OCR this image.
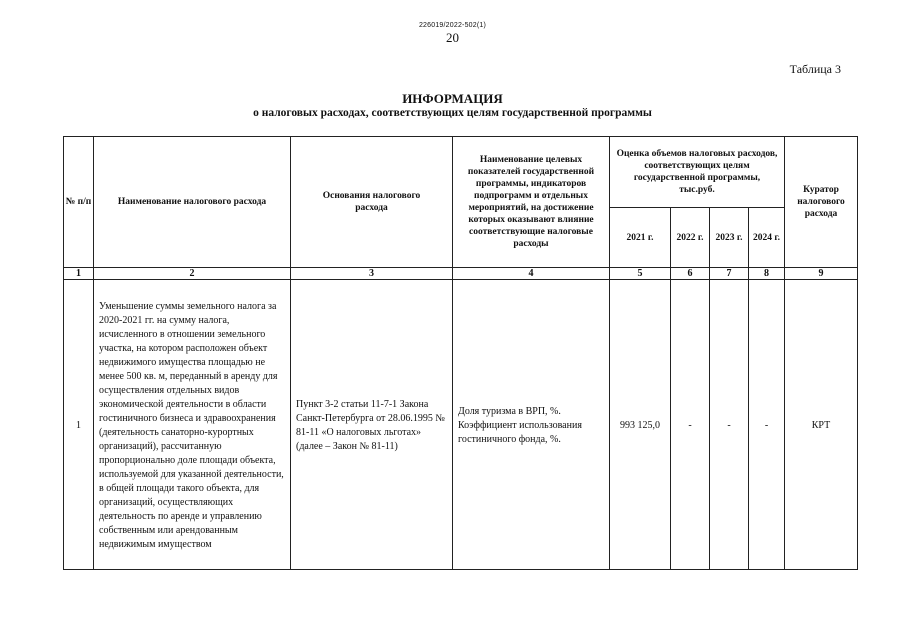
226019/2022-502(1)
20
Таблица 3
ИНФОРМАЦИЯ
о налоговых расходах, соответствующих целям государственной программы
№ п/п	Наименование налогового расхода	Основания налогового расхода	Наименование целевых показателей государственной программы, индикаторов подпрограмм и отдельных мероприятий, на достижение которых оказывают влияние соответствующие налоговые расходы	Оценка объемов налоговых расходов, соответствующих целям государственной программы, тыс.руб.				Куратор налогового расхода
				2021 г.	2022 г.	2023 г.	2024 г.	
1	2	3	4	5	6	7	8	9
1	Уменьшение суммы земельного налога за 2020-2021 гг. на сумму налога, исчисленного в отношении земельного участка, на котором расположен объект недвижимого имущества площадью не менее 500 кв. м, переданный в аренду для осуществления отдельных видов экономической деятельности в области гостиничного бизнеса и здравоохранения (деятельность санаторно-курортных организаций), рассчитанную пропорционально доле площади объекта, используемой для указанной деятельности, в общей площади такого объекта, для организаций, осуществляющих деятельность по аренде и управлению собственным или арендованным недвижимым имуществом	Пункт 3-2 статьи 11-7-1 Закона Санкт-Петербурга от 28.06.1995 № 81-11 «О налоговых льготах» (далее – Закон № 81-11)	Доля туризма в ВРП, %. Коэффициент использования гостиничного фонда, %.	993 125,0	-	-	-	КРТ
